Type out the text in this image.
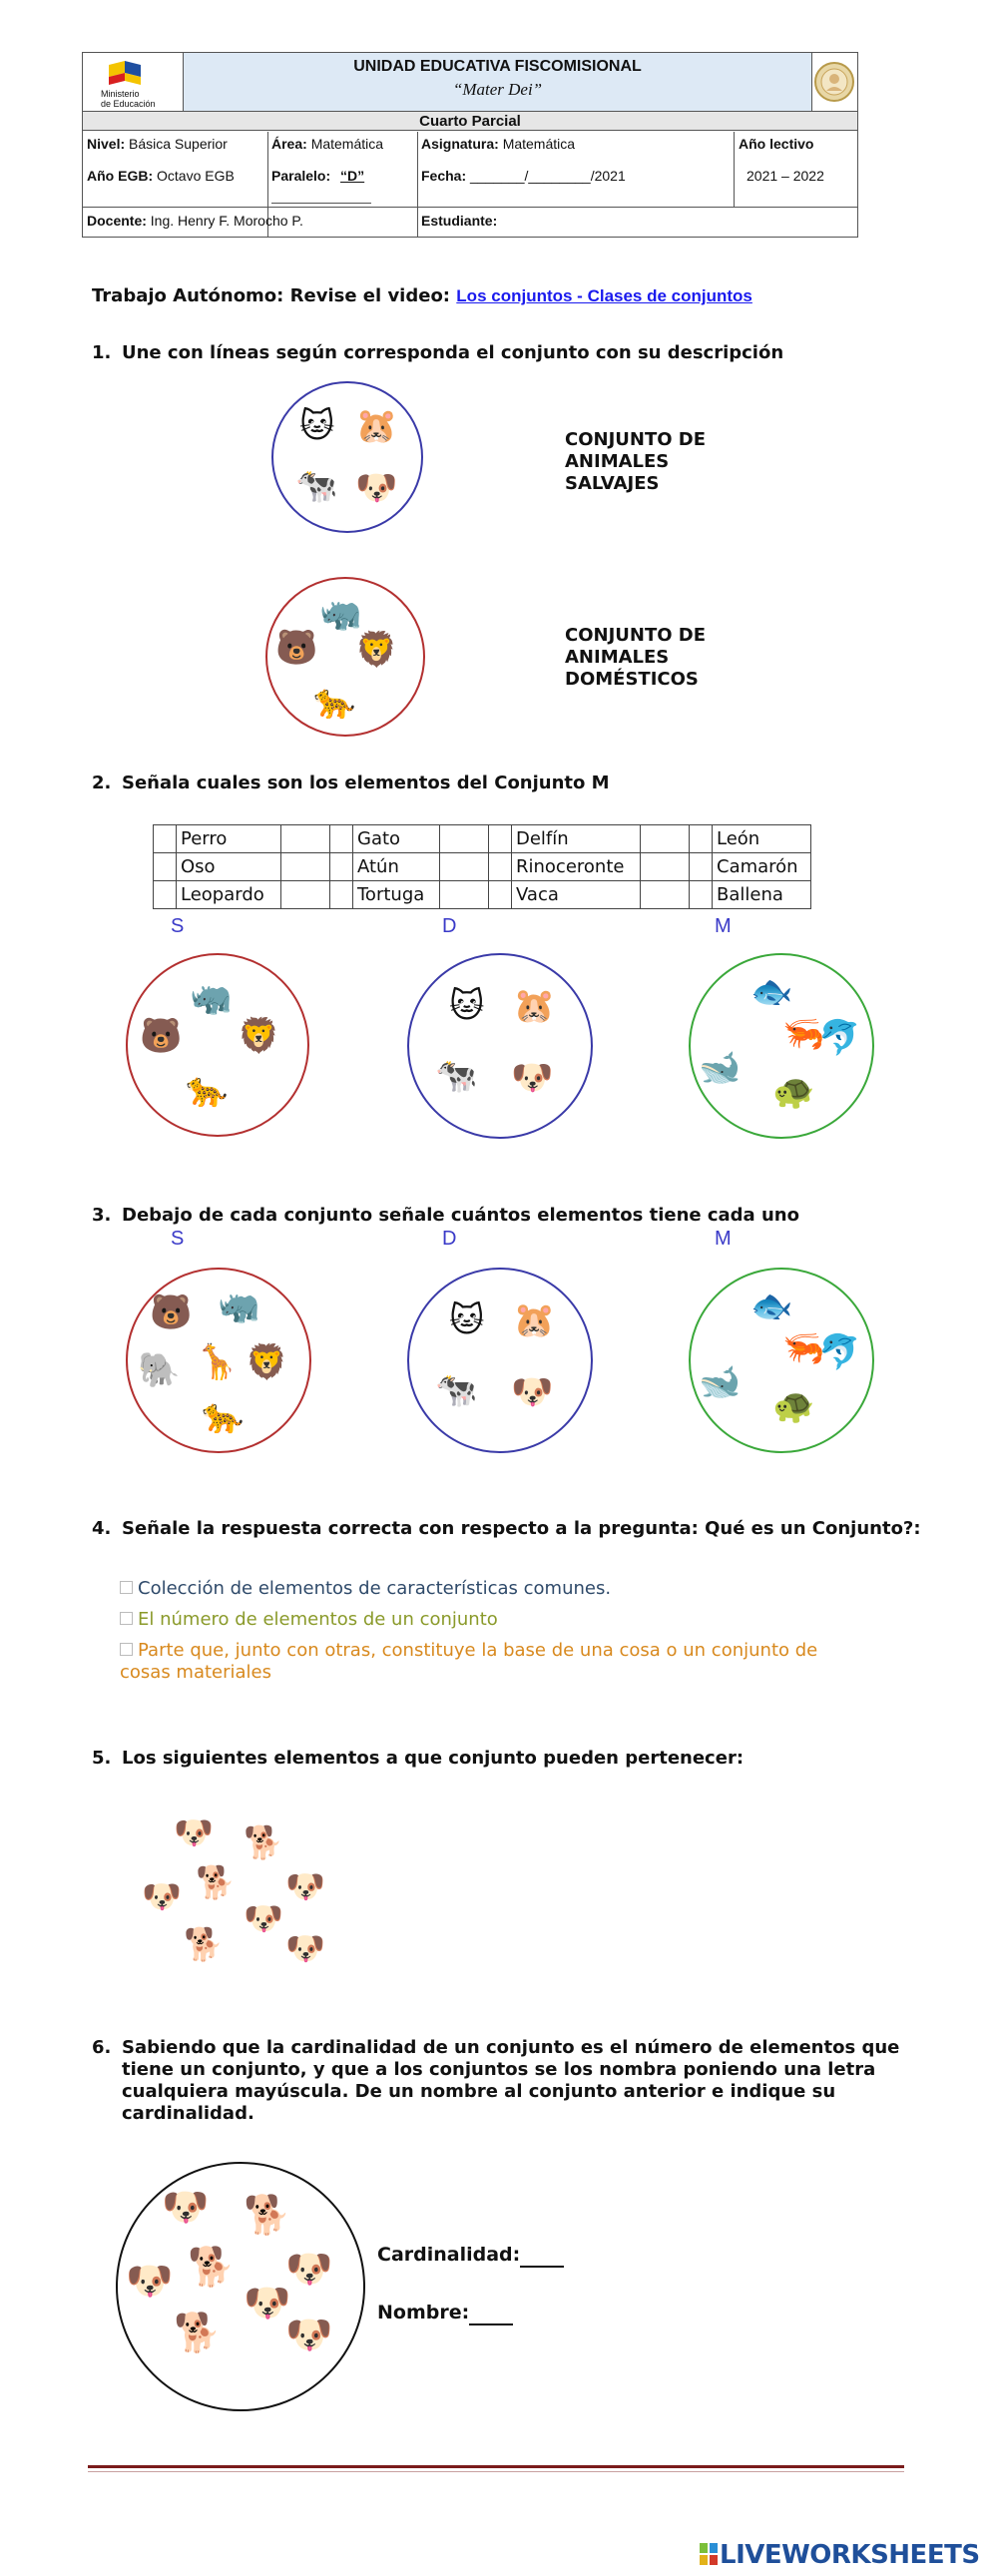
Ministerio
de Educación
UNIDAD EDUCATIVA FISCOMISIONAL
“Mater Dei”
Cuarto Parcial
Nivel: Básica Superior	Área: Matemática	Asignatura: Matemática	Año lectivo
Año EGB: Octavo EGB	Paralelo: “D”	Fecha: _______/________/2021	2021 – 2022
Docente: Ing. Henry F. Morocho P.	Estudiante:
Trabajo Autónomo: Revise el video: Los conjuntos - Clases de conjuntos
1. Une con líneas según corresponda el conjunto con su descripción
🐱 🐹
🐄 🐶
CONJUNTO DE
ANIMALES
SALVAJES
🦏
🐻 🦁
🐆
CONJUNTO DE
ANIMALES
DOMÉSTICOS
2. Señala cuales son los elementos del Conjunto M
	Perro			Gato			Delfín			León
	Oso			Atún			Rinoceronte			Camarón
	Leopardo			Tortuga			Vaca			Ballena
S	D	M
🦏
🐻 🦁
🐆
🐱 🐹
🐄 🐶
🐟
🦐
🐬
🐋
🐢
3. Debajo de cada conjunto señale cuántos elementos tiene cada uno
S	D	M
🐻 🦏
🐘 🦒 🦁
🐆
🐱 🐹
🐄 🐶
🐟
🦐
🐬
🐋
🐢
4. Señale la respuesta correcta con respecto a la pregunta: Qué es un Conjunto?:
Colección de elementos de características comunes.
El número de elementos de un conjunto
Parte que, junto con otras, constituye la base de una cosa o un conjunto de
cosas materiales
5. Los siguientes elementos a que conjunto pueden pertenecer:
🐶 🐕
🐶 🐕 🐶
🐶
🐕 🐶
6. Sabiendo que la cardinalidad de un conjunto es el número de elementos que
tiene un conjunto, y que a los conjuntos se los nombra poniendo una letra
cualquiera mayúscula. De un nombre al conjunto anterior e indique su
cardinalidad.
🐶 🐕
🐶 🐕 🐶
🐶
🐕 🐶
Cardinalidad:
Nombre:
LIVEWORKSHEETS
